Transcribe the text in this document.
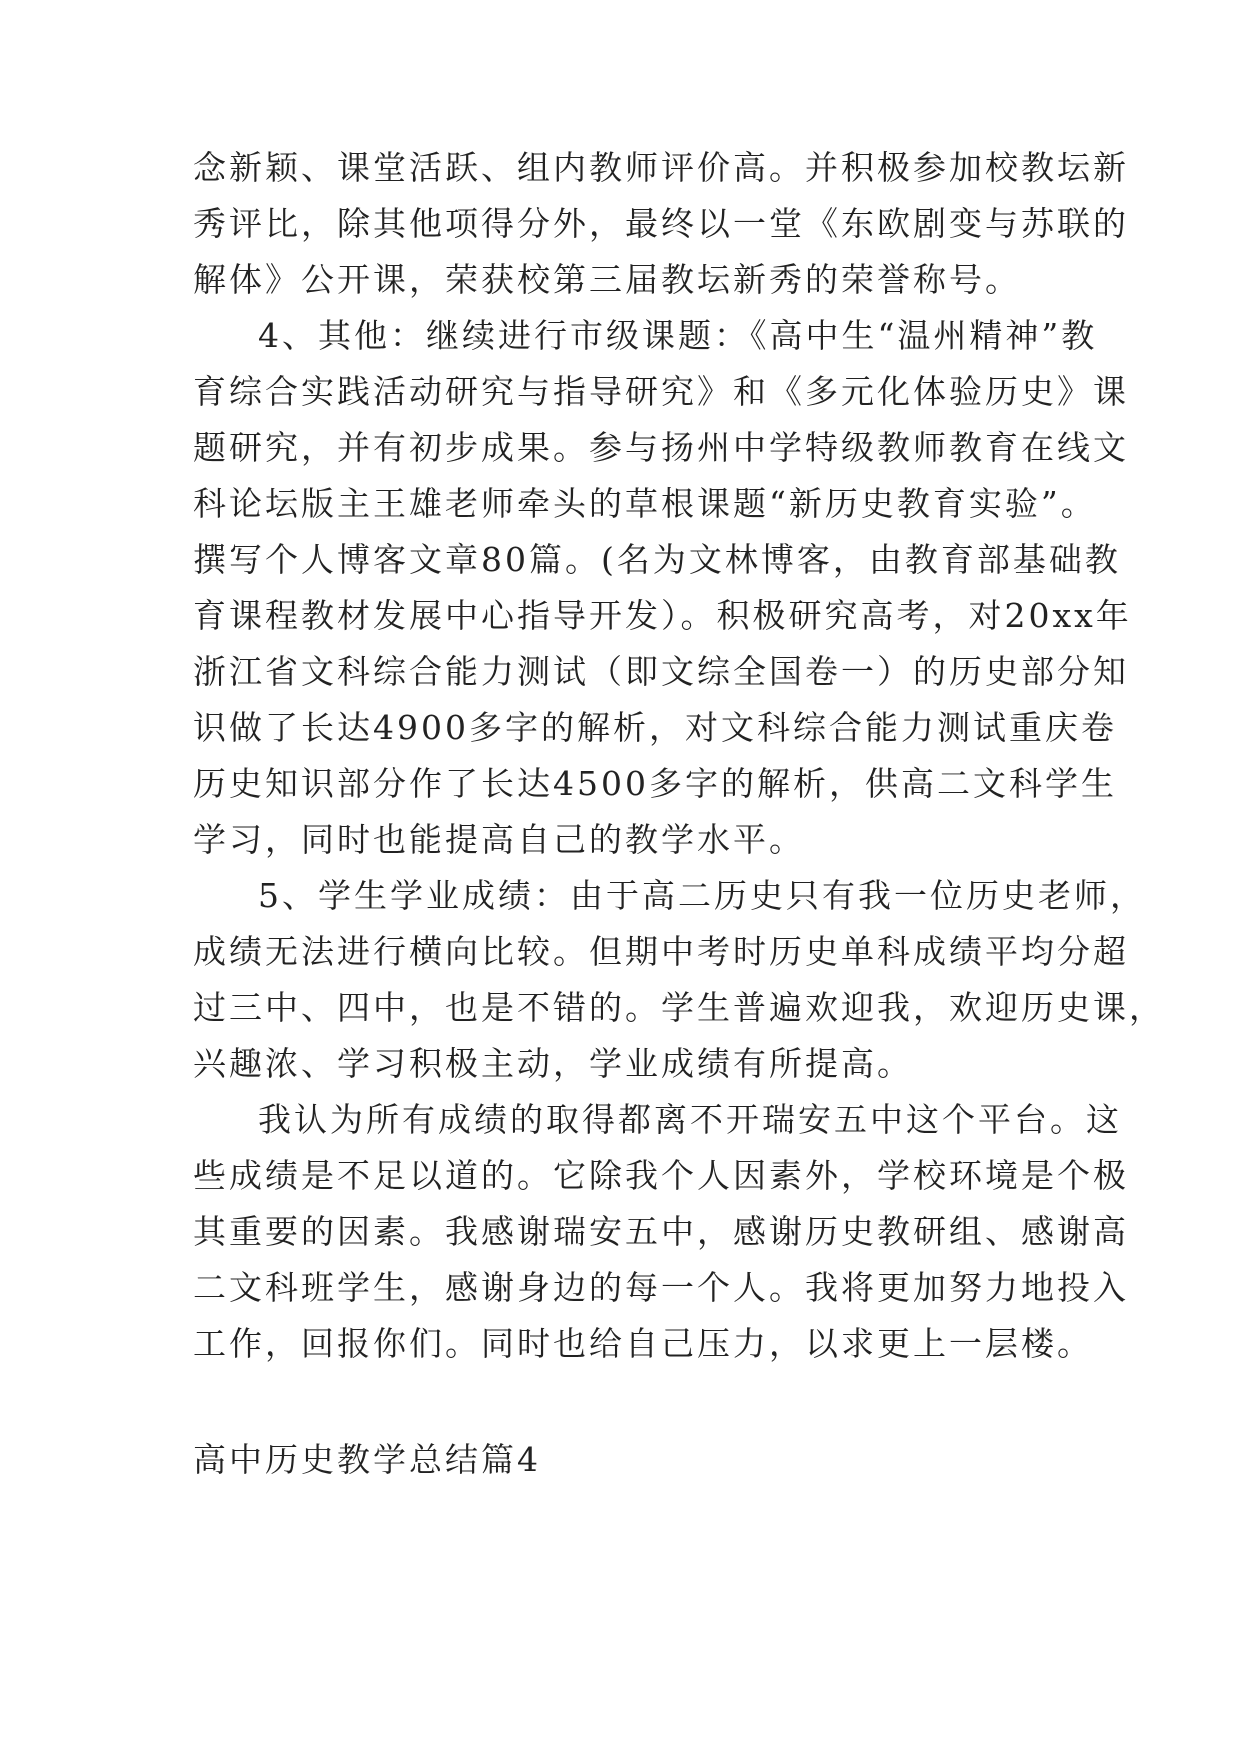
念新颖、课堂活跃、组内教师评价高。并积极参加校教坛新
秀评比，除其他项得分外，最终以一堂《东欧剧变与苏联的
解体》公开课，荣获校第三届教坛新秀的荣誉称号。
4、其他：继续进行市级课题：《高中生“温州精神”教
育综合实践活动研究与指导研究》和《多元化体验历史》课
题研究，并有初步成果。参与扬州中学特级教师教育在线文
科论坛版主王雄老师牵头的草根课题“新历史教育实验”。
撰写个人博客文章80篇。(名为文林博客，由教育部基础教
育课程教材发展中心指导开发）。积极研究高考，对20xx年
浙江省文科综合能力测试（即文综全国卷一）的历史部分知
识做了长达4900多字的解析，对文科综合能力测试重庆卷
历史知识部分作了长达4500多字的解析，供高二文科学生
学习，同时也能提高自己的教学水平。
5、学生学业成绩：由于高二历史只有我一位历史老师，
成绩无法进行横向比较。但期中考时历史单科成绩平均分超
过三中、四中，也是不错的。学生普遍欢迎我，欢迎历史课，
兴趣浓、学习积极主动，学业成绩有所提高。
我认为所有成绩的取得都离不开瑞安五中这个平台。这
些成绩是不足以道的。它除我个人因素外，学校环境是个极
其重要的因素。我感谢瑞安五中，感谢历史教研组、感谢高
二文科班学生，感谢身边的每一个人。我将更加努力地投入
工作，回报你们。同时也给自己压力，以求更上一层楼。
高中历史教学总结篇4
